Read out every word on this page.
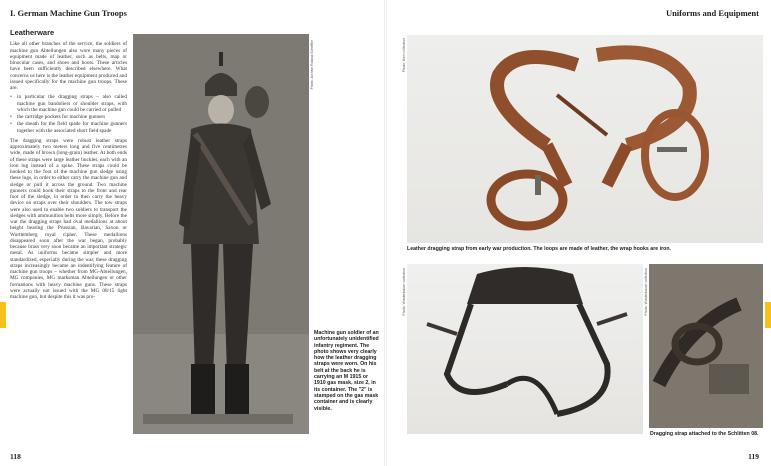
I. German Machine Gun Troops	Uniforms and Equipment
Leatherware

Like all other branches of the service, the soldiers of machine gun Abteilungen also wore many pieces of equipment made of leather, such as belts, map or binocular cases, and shoes and boots. These articles have been sufficiently described elsewhere. What concerns us here is the leather equipment produced and issued specifically for the machine gun troops. These are:

• in particular the dragging straps – also called machine gun bandoliers or shoulder straps, with which the machine gun could be carried or pulled
• the cartridge pockets for machine gunners
• the sheath for the field spade for machine gunners together with the associated short field spade

The dragging straps were robust leather straps approximately two meters long and five centimetres wide, made of brown (long-grain) leather. At both ends of these straps were large leather buckles, each with an iron lug instead of a spike. These straps could be hooked to the foot of the machine gun sledge using these lugs, in order to either carry the machine gun and sledge or pull it across the ground. Two machine gunners could hook their straps to the front and rear foot of the sledge, in order to then carry the heavy device on straps over their shoulders. The tow straps were also used to enable two soldiers to transport the sledges with ammunition belts more simply. Before the war the dragging straps had oval medallions at about height bearing the Prussian, Bavarian, Saxon or Wurttemberg royal cipher. These medallions disappeared soon after the war began, probably because brass very soon became an important strategic metal. As uniforms became simpler and more standardized, especially during the war, these dragging straps increasingly became an indentifying feature of machine gun troops – whether from MG-Abteilungen, MG companies, MG marksman Abteilungen or other formations with heavy machine guns. These straps were actually not issued with the MG 08/15 light machine gun, but despite this it was pro-

Photo: Archive Roland Scheffler
Machine gun soldier of an unfortunately unidentified infantry regiment. The photo shows very clearly how the leather dragging straps were worn. On his belt at the back he is carrying an M 1915 or 1910 gas mask, size 2, in its container. The "2" is stamped on the gas mask container and is clearly visible.
Photo: Kern collection
Leather dragging strap from early war production. The loops are made of leather, the wrap hooks are iron.
Photo: Wiedenbauer collection	Photo: Wiedenbauer collection
Dragging strap attached to the Schlitten 08.
118	119
